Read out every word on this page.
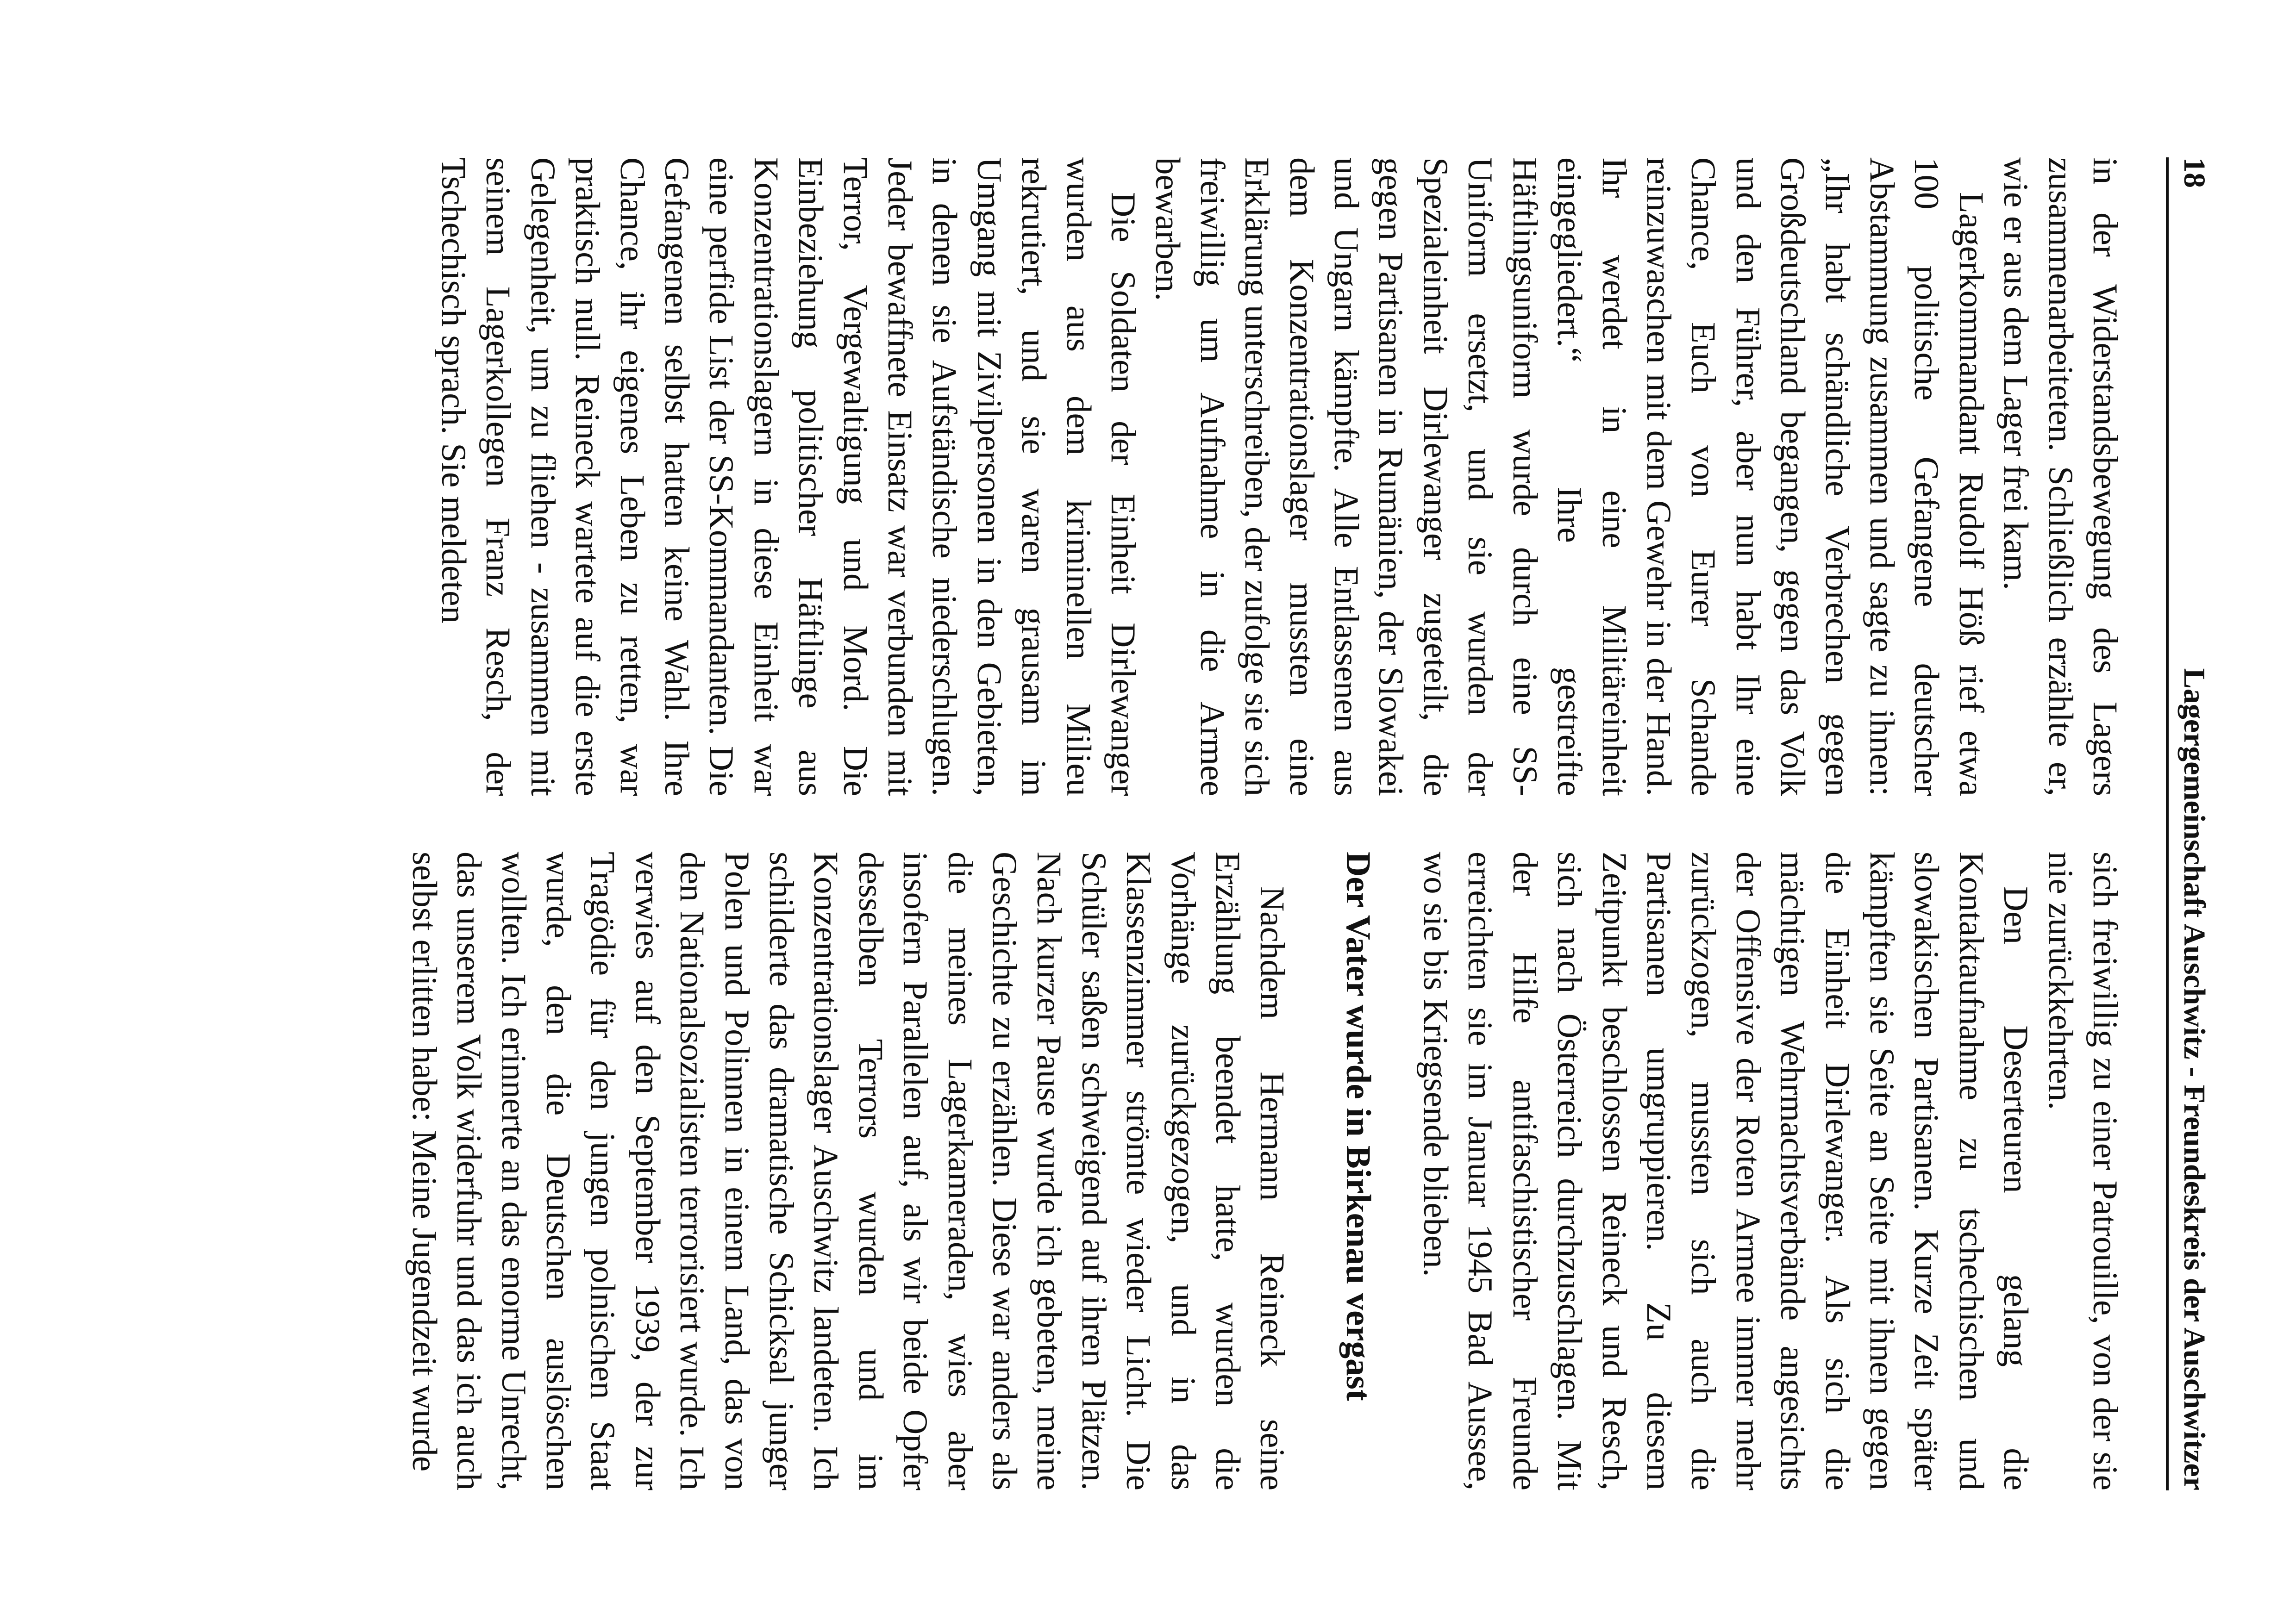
18
Lagergemeinschaft Auschwitz - Freundeskreis der Auschwitzer

in der Widerstandsbewegung des Lagers zusammenarbeiteten. Schließlich erzählte er, wie er aus dem Lager frei kam.

Lagerkommandant Rudolf Höß rief etwa 100 politische Gefangene deutscher Abstammung zusammen und sagte zu ihnen: „Ihr habt schändliche Verbrechen gegen Großdeutschland begangen, gegen das Volk und den Führer, aber nun habt Ihr eine Chance, Euch von Eurer Schande reinzuwaschen mit dem Gewehr in der Hand. Ihr werdet in eine Militäreinheit eingegliedert.“ Ihre gestreifte Häftlingsuniform wurde durch eine SS-Uniform ersetzt, und sie wurden der Spezialeinheit Dirlewanger zugeteilt, die gegen Partisanen in Rumänien, der Slowakei und Ungarn kämpfte. Alle Entlassenen aus dem Konzentrationslager mussten eine Erklärung unterschreiben, der zufolge sie sich freiwillig um Aufnahme in die Armee bewarben.

Die Soldaten der Einheit Dirlewanger wurden aus dem kriminellen Milieu rekrutiert, und sie waren grausam im Umgang mit Zivilpersonen in den Gebieten, in denen sie Aufständische niederschlugen. Jeder bewaffnete Einsatz war verbunden mit Terror, Vergewaltigung und Mord. Die Einbeziehung politischer Häftlinge aus Konzentrationslagern in diese Einheit war eine perfide List der SS-Kommandanten. Die Gefangenen selbst hatten keine Wahl. Ihre Chance, ihr eigenes Leben zu retten, war praktisch null. Reineck wartete auf die erste Gelegenheit, um zu fliehen - zusammen mit seinem Lagerkollegen Franz Resch, der Tschechisch sprach. Sie meldeten

sich freiwillig zu einer Patrouille, von der sie nie zurückkehrten.

Den Deserteuren gelang die Kontaktaufnahme zu tschechischen und slowakischen Partisanen. Kurze Zeit später kämpften sie Seite an Seite mit ihnen gegen die Einheit Dirlewanger. Als sich die mächtigen Wehrmachtsverbände angesichts der Offensive der Roten Armee immer mehr zurückzogen, mussten sich auch die Partisanen umgruppieren. Zu diesem Zeitpunkt beschlossen Reineck und Resch, sich nach Österreich durchzuschlagen. Mit der Hilfe antifaschistischer Freunde erreichten sie im Januar 1945 Bad Aussee, wo sie bis Kriegsende blieben.

Der Vater wurde in Birkenau vergast

Nachdem Hermann Reineck seine Erzählung beendet hatte, wurden die Vorhänge zurückgezogen, und in das Klassenzimmer strömte wieder Licht. Die Schüler saßen schweigend auf ihren Plätzen. Nach kurzer Pause wurde ich gebeten, meine Geschichte zu erzählen. Diese war anders als die meines Lagerkameraden, wies aber insofern Parallelen auf, als wir beide Opfer desselben Terrors wurden und im Konzentrationslager Auschwitz landeten. Ich schilderte das dramatische Schicksal junger Polen und Polinnen in einem Land, das von den Nationalsozialisten terrorisiert wurde. Ich verwies auf den September 1939, der zur Tragödie für den jungen polnischen Staat wurde, den die Deutschen auslöschen wollten. Ich erinnerte an das enorme Unrecht, das unserem Volk widerfuhr und das ich auch selbst erlitten habe: Meine Jugendzeit wurde
